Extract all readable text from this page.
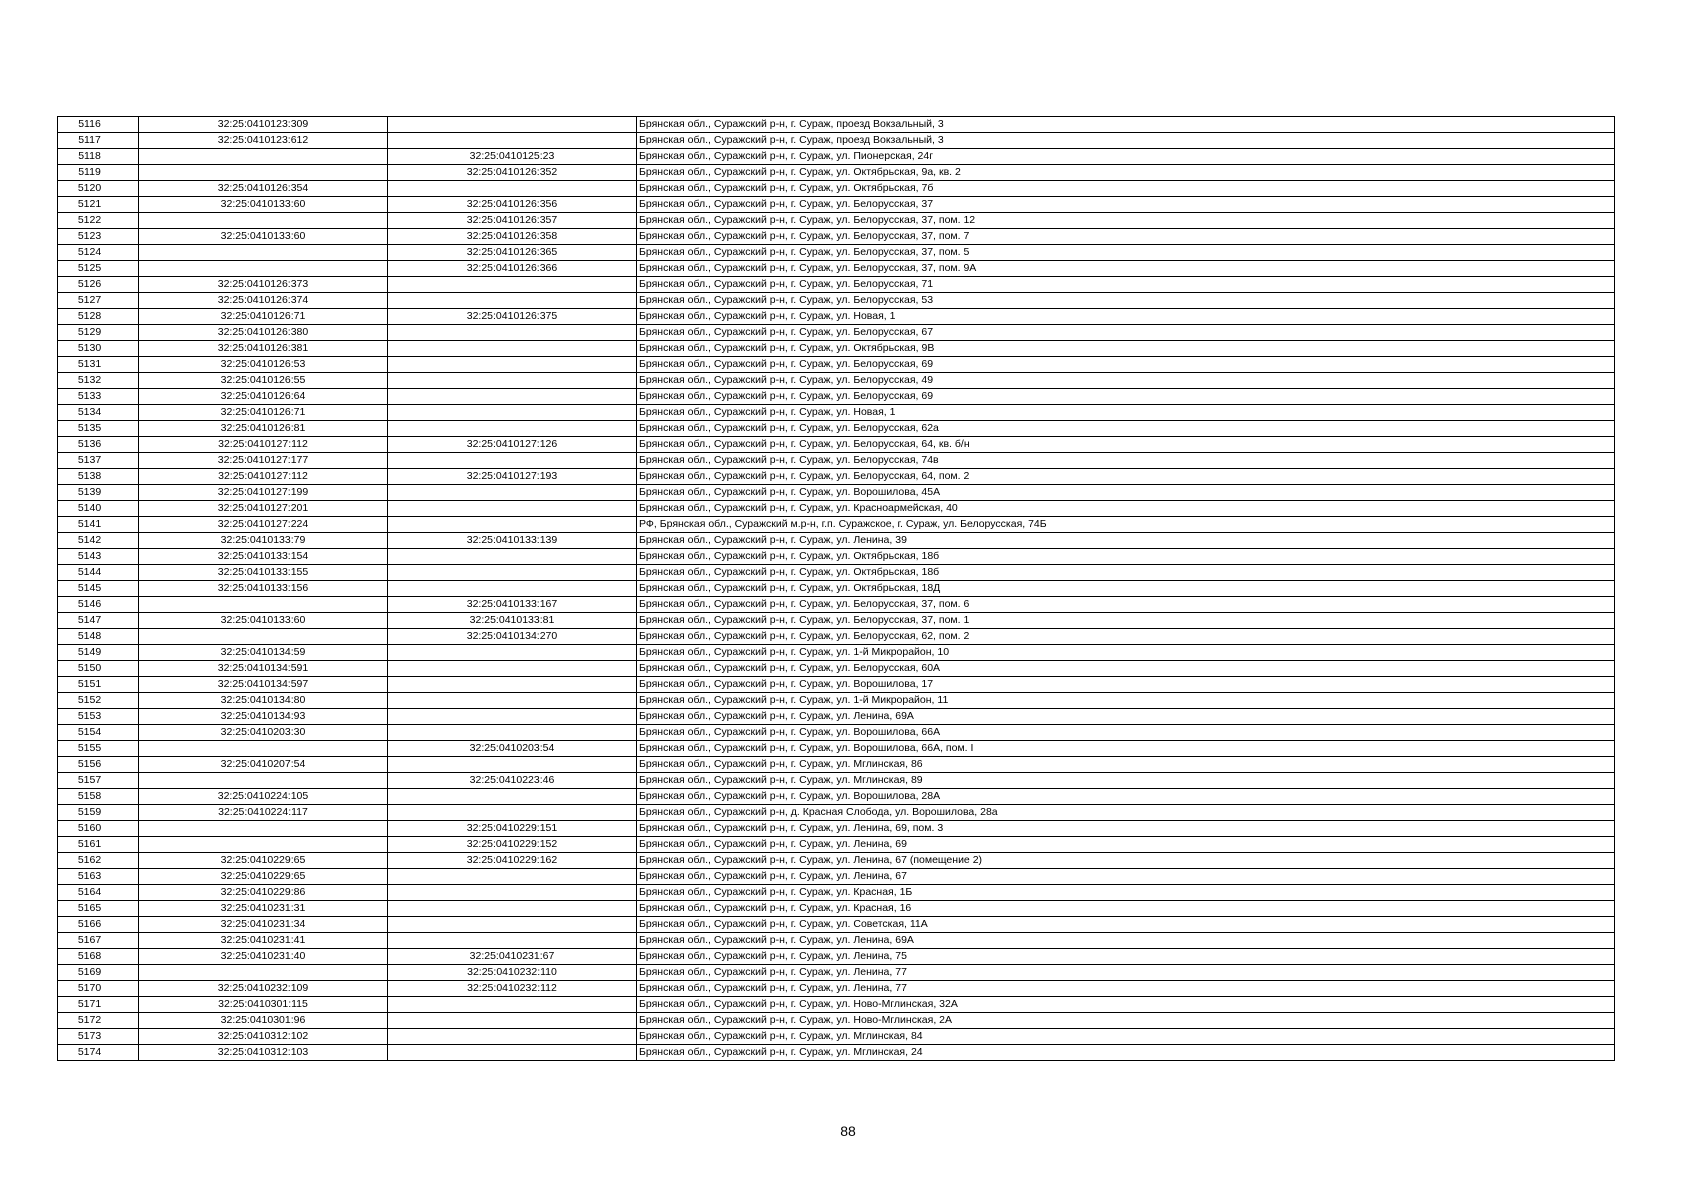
5116	32:25:0410123:309		Брянская обл., Суражский р-н, г. Сураж, проезд Вокзальный, 3
5117	32:25:0410123:612		Брянская обл., Суражский р-н, г. Сураж, проезд Вокзальный, 3
5118		32:25:0410125:23	Брянская обл., Суражский р-н, г. Сураж, ул. Пионерская, 24г
5119		32:25:0410126:352	Брянская обл., Суражский р-н, г. Сураж, ул. Октябрьская, 9а, кв. 2
5120	32:25:0410126:354		Брянская обл., Суражский р-н, г. Сураж, ул. Октябрьская, 7б
5121	32:25:0410133:60	32:25:0410126:356	Брянская обл., Суражский р-н, г. Сураж, ул. Белорусская, 37
5122		32:25:0410126:357	Брянская обл., Суражский р-н, г. Сураж, ул. Белорусская, 37, пом. 12
5123	32:25:0410133:60	32:25:0410126:358	Брянская обл., Суражский р-н, г. Сураж, ул. Белорусская, 37, пом. 7
5124		32:25:0410126:365	Брянская обл., Суражский р-н, г. Сураж, ул. Белорусская, 37, пом. 5
5125		32:25:0410126:366	Брянская обл., Суражский р-н, г. Сураж, ул. Белорусская, 37, пом. 9А
5126	32:25:0410126:373		Брянская обл., Суражский р-н, г. Сураж, ул. Белорусская, 71
5127	32:25:0410126:374		Брянская обл., Суражский р-н, г. Сураж, ул. Белорусская, 53
5128	32:25:0410126:71	32:25:0410126:375	Брянская обл., Суражский р-н, г. Сураж, ул. Новая, 1
5129	32:25:0410126:380		Брянская обл., Суражский р-н, г. Сураж, ул. Белорусская, 67
5130	32:25:0410126:381		Брянская обл., Суражский р-н, г. Сураж, ул. Октябрьская, 9В
5131	32:25:0410126:53		Брянская обл., Суражский р-н, г. Сураж, ул. Белорусская, 69
5132	32:25:0410126:55		Брянская обл., Суражский р-н, г. Сураж, ул. Белорусская, 49
5133	32:25:0410126:64		Брянская обл., Суражский р-н, г. Сураж, ул. Белорусская, 69
5134	32:25:0410126:71		Брянская обл., Суражский р-н, г. Сураж, ул. Новая, 1
5135	32:25:0410126:81		Брянская обл., Суражский р-н, г. Сураж, ул. Белорусская, 62а
5136	32:25:0410127:112	32:25:0410127:126	Брянская обл., Суражский р-н, г. Сураж, ул. Белорусская, 64, кв. б/н
5137	32:25:0410127:177		Брянская обл., Суражский р-н, г. Сураж, ул. Белорусская, 74в
5138	32:25:0410127:112	32:25:0410127:193	Брянская обл., Суражский р-н, г. Сураж, ул. Белорусская, 64, пом. 2
5139	32:25:0410127:199		Брянская обл., Суражский р-н, г. Сураж, ул. Ворошилова, 45А
5140	32:25:0410127:201		Брянская обл., Суражский р-н, г. Сураж, ул. Красноармейская, 40
5141	32:25:0410127:224		РФ, Брянская обл., Суражский м.р-н, г.п. Суражское, г. Сураж, ул. Белорусская, 74Б
5142	32:25:0410133:79	32:25:0410133:139	Брянская обл., Суражский р-н, г. Сураж, ул. Ленина, 39
5143	32:25:0410133:154		Брянская обл., Суражский р-н, г. Сураж, ул. Октябрьская, 18б
5144	32:25:0410133:155		Брянская обл., Суражский р-н, г. Сураж, ул. Октябрьская, 18б
5145	32:25:0410133:156		Брянская обл., Суражский р-н, г. Сураж, ул. Октябрьская, 18Д
5146		32:25:0410133:167	Брянская обл., Суражский р-н, г. Сураж, ул. Белорусская, 37, пом. 6
5147	32:25:0410133:60	32:25:0410133:81	Брянская обл., Суражский р-н, г. Сураж, ул. Белорусская, 37, пом. 1
5148		32:25:0410134:270	Брянская обл., Суражский р-н, г. Сураж, ул. Белорусская, 62, пом. 2
5149	32:25:0410134:59		Брянская обл., Суражский р-н, г. Сураж, ул. 1-й Микрорайон, 10
5150	32:25:0410134:591		Брянская обл., Суражский р-н, г. Сураж, ул. Белорусская, 60А
5151	32:25:0410134:597		Брянская обл., Суражский р-н, г. Сураж, ул. Ворошилова, 17
5152	32:25:0410134:80		Брянская обл., Суражский р-н, г. Сураж, ул. 1-й Микрорайон, 11
5153	32:25:0410134:93		Брянская обл., Суражский р-н, г. Сураж, ул. Ленина, 69А
5154	32:25:0410203:30		Брянская обл., Суражский р-н, г. Сураж, ул. Ворошилова, 66А
5155		32:25:0410203:54	Брянская обл., Суражский р-н, г. Сураж, ул. Ворошилова, 66А, пом. I
5156	32:25:0410207:54		Брянская обл., Суражский р-н, г. Сураж, ул. Мглинская, 86
5157		32:25:0410223:46	Брянская обл., Суражский р-н, г. Сураж, ул. Мглинская, 89
5158	32:25:0410224:105		Брянская обл., Суражский р-н, г. Сураж, ул. Ворошилова, 28А
5159	32:25:0410224:117		Брянская обл., Суражский р-н, д. Красная Слобода, ул. Ворошилова, 28а
5160		32:25:0410229:151	Брянская обл., Суражский р-н, г. Сураж, ул. Ленина, 69, пом. 3
5161		32:25:0410229:152	Брянская обл., Суражский р-н, г. Сураж, ул. Ленина, 69
5162	32:25:0410229:65	32:25:0410229:162	Брянская обл., Суражский р-н, г. Сураж, ул. Ленина, 67 (помещение 2)
5163	32:25:0410229:65		Брянская обл., Суражский р-н, г. Сураж, ул. Ленина, 67
5164	32:25:0410229:86		Брянская обл., Суражский р-н, г. Сураж, ул. Красная, 1Б
5165	32:25:0410231:31		Брянская обл., Суражский р-н, г. Сураж, ул. Красная, 16
5166	32:25:0410231:34		Брянская обл., Суражский р-н, г. Сураж, ул. Советская, 11А
5167	32:25:0410231:41		Брянская обл., Суражский р-н, г. Сураж, ул. Ленина, 69А
5168	32:25:0410231:40	32:25:0410231:67	Брянская обл., Суражский р-н, г. Сураж, ул. Ленина, 75
5169		32:25:0410232:110	Брянская обл., Суражский р-н, г. Сураж, ул. Ленина, 77
5170	32:25:0410232:109	32:25:0410232:112	Брянская обл., Суражский р-н, г. Сураж, ул. Ленина, 77
5171	32:25:0410301:115		Брянская обл., Суражский р-н, г. Сураж, ул. Ново-Мглинская, 32А
5172	32:25:0410301:96		Брянская обл., Суражский р-н, г. Сураж, ул. Ново-Мглинская, 2А
5173	32:25:0410312:102		Брянская обл., Суражский р-н, г. Сураж, ул. Мглинская, 84
5174	32:25:0410312:103		Брянская обл., Суражский р-н, г. Сураж, ул. Мглинская, 24
88
